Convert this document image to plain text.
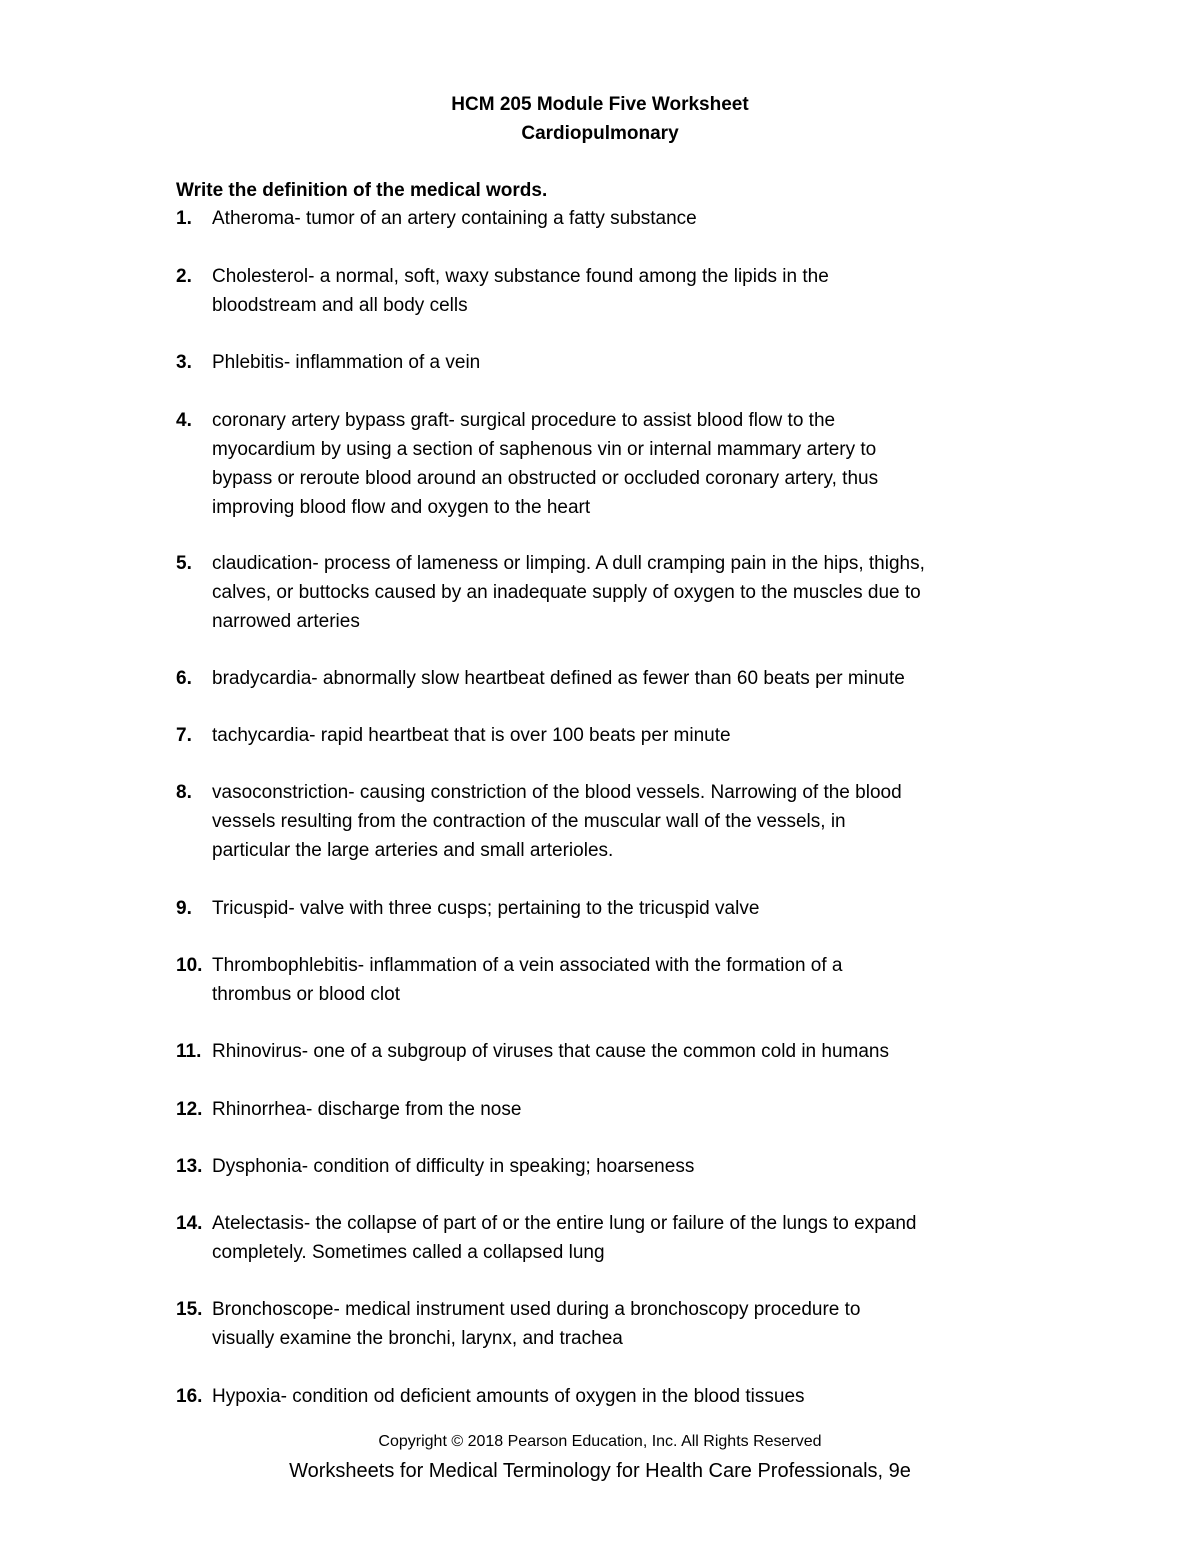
HCM 205 Module Five Worksheet
Cardiopulmonary
Write the definition of the medical words.
1. Atheroma- tumor of an artery containing a fatty substance
2. Cholesterol- a normal, soft, waxy substance found among the lipids in the
bloodstream and all body cells
3. Phlebitis- inflammation of a vein
4. coronary artery bypass graft- surgical procedure to assist blood flow to the
myocardium by using a section of saphenous vin or internal mammary artery to
bypass or reroute blood around an obstructed or occluded coronary artery, thus
improving blood flow and oxygen to the heart
5. claudication- process of lameness or limping. A dull cramping pain in the hips, thighs,
calves, or buttocks caused by an inadequate supply of oxygen to the muscles due to
narrowed arteries
6. bradycardia- abnormally slow heartbeat defined as fewer than 60 beats per minute
7. tachycardia- rapid heartbeat that is over 100 beats per minute
8. vasoconstriction- causing constriction of the blood vessels. Narrowing of the blood
vessels resulting from the contraction of the muscular wall of the vessels, in
particular the large arteries and small arterioles.
9. Tricuspid- valve with three cusps; pertaining to the tricuspid valve
10. Thrombophlebitis- inflammation of a vein associated with the formation of a
thrombus or blood clot
11. Rhinovirus- one of a subgroup of viruses that cause the common cold in humans
12. Rhinorrhea- discharge from the nose
13. Dysphonia- condition of difficulty in speaking; hoarseness
14. Atelectasis- the collapse of part of or the entire lung or failure of the lungs to expand
completely. Sometimes called a collapsed lung
15. Bronchoscope- medical instrument used during a bronchoscopy procedure to
visually examine the bronchi, larynx, and trachea
16. Hypoxia- condition od deficient amounts of oxygen in the blood tissues
Copyright © 2018 Pearson Education, Inc. All Rights Reserved
Worksheets for Medical Terminology for Health Care Professionals, 9e
